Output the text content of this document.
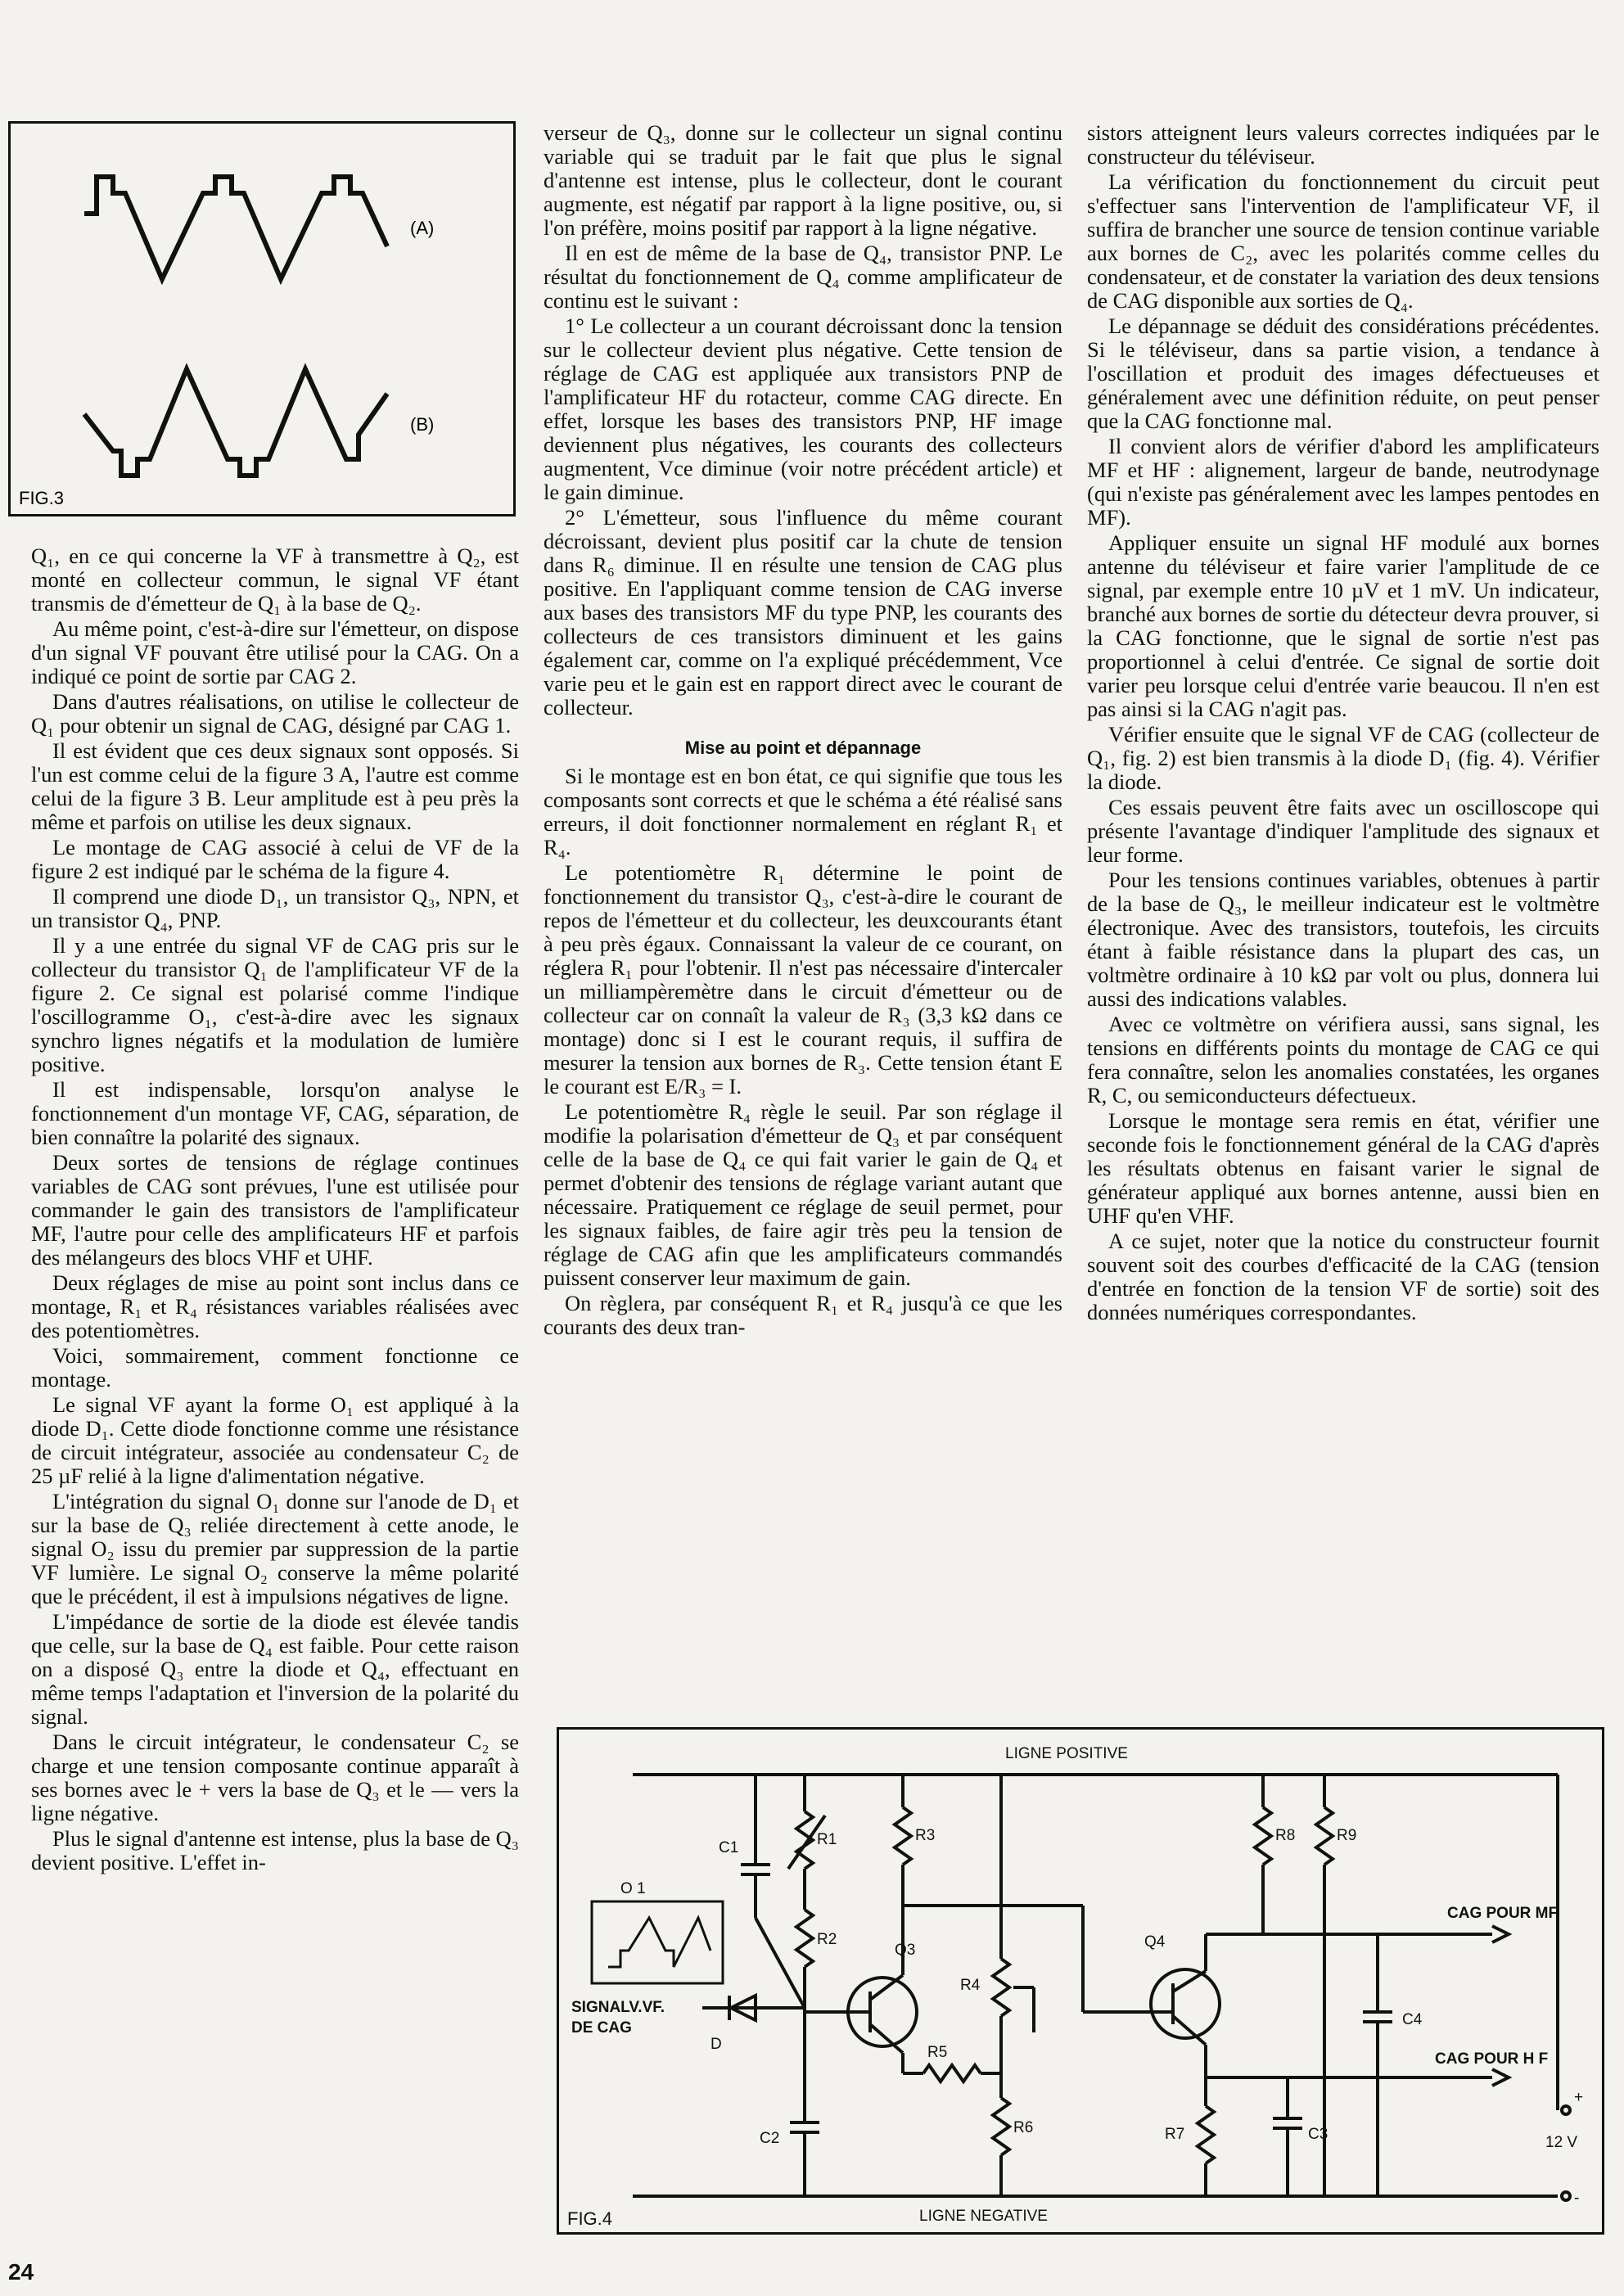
(A)
(B)
FIG.3

Q₁, en ce qui concerne la VF à transmettre à Q₂, est monté en collecteur commun, le signal VF étant transmis de d'émetteur de Q₁ à la base de Q₂.

Au même point, c'est-à-dire sur l'émetteur, on dispose d'un signal VF pouvant être utilisé pour la CAG. On a indiqué ce point de sortie par CAG 2.

Dans d'autres réalisations, on utilise le collecteur de Q₁ pour obtenir un signal de CAG, désigné par CAG 1.

Il est évident que ces deux signaux sont opposés. Si l'un est comme celui de la figure 3 A, l'autre est comme celui de la figure 3 B. Leur amplitude est à peu près la même et parfois on utilise les deux signaux.

Le montage de CAG associé à celui de VF de la figure 2 est indiqué par le schéma de la figure 4.

Il comprend une diode D₁, un transistor Q₃, NPN, et un transistor Q₄, PNP.

Il y a une entrée du signal VF de CAG pris sur le collecteur du transistor Q₁ de l'amplificateur VF de la figure 2. Ce signal est polarisé comme l'indique l'oscillogramme O₁, c'est-à-dire avec les signaux synchro lignes négatifs et la modulation de lumière positive.

Il est indispensable, lorsqu'on analyse le fonctionnement d'un montage VF, CAG, séparation, de bien connaître la polarité des signaux.

Deux sortes de tensions de réglage continues variables de CAG sont prévues, l'une est utilisée pour commander le gain des transistors de l'amplificateur MF, l'autre pour celle des amplificateurs HF et parfois des mélangeurs des blocs VHF et UHF.

Deux réglages de mise au point sont inclus dans ce montage, R₁ et R₄ résistances variables réalisées avec des potentiomètres.

Voici, sommairement, comment fonctionne ce montage.

Le signal VF ayant la forme O₁ est appliqué à la diode D₁. Cette diode fonctionne comme une résistance de circuit intégrateur, associée au condensateur C₂ de 25 µF relié à la ligne d'alimentation négative.

L'intégration du signal O₁ donne sur l'anode de D₁ et sur la base de Q₃ reliée directement à cette anode, le signal O₂ issu du premier par suppression de la partie VF lumière. Le signal O₂ conserve la même polarité que le précédent, il est à impulsions négatives de ligne.

L'impédance de sortie de la diode est élevée tandis que celle, sur la base de Q₄ est faible. Pour cette raison on a disposé Q₃ entre la diode et Q₄, effectuant en même temps l'adaptation et l'inversion de la polarité du signal.

Dans le circuit intégrateur, le condensateur C₂ se charge et une tension composante continue apparaît à ses bornes avec le + vers la base de Q₃ et le — vers la ligne négative.

Plus le signal d'antenne est intense, plus la base de Q₃ devient positive. L'effet in-

verseur de Q₃, donne sur le collecteur un signal continu variable qui se traduit par le fait que plus le signal d'antenne est intense, plus le collecteur, dont le courant augmente, est négatif par rapport à la ligne positive, ou, si l'on préfère, moins positif par rapport à la ligne négative.

Il en est de même de la base de Q₄, transistor PNP. Le résultat du fonctionnement de Q₄ comme amplificateur de continu est le suivant :

1° Le collecteur a un courant décroissant donc la tension sur le collecteur devient plus négative. Cette tension de réglage de CAG est appliquée aux transistors PNP de l'amplificateur HF du rotacteur, comme CAG directe. En effet, lorsque les bases des transistors PNP, HF image deviennent plus négatives, les courants des collecteurs augmentent, Vce diminue (voir notre précédent article) et le gain diminue.

2° L'émetteur, sous l'influence du même courant décroissant, devient plus positif car la chute de tension dans R₆ diminue. Il en résulte une tension de CAG plus positive. En l'appliquant comme tension de CAG inverse aux bases des transistors MF du type PNP, les courants des collecteurs de ces transistors diminuent et les gains également car, comme on l'a expliqué précédemment, Vce varie peu et le gain est en rapport direct avec le courant de collecteur.

Mise au point et dépannage

Si le montage est en bon état, ce qui signifie que tous les composants sont corrects et que le schéma a été réalisé sans erreurs, il doit fonctionner normalement en réglant R₁ et R₄.

Le potentiomètre R₁ détermine le point de fonctionnement du transistor Q₃, c'est-à-dire le courant de repos de l'émetteur et du collecteur, les deuxcourants étant à peu près égaux. Connaissant la valeur de ce courant, on réglera R₁ pour l'obtenir. Il n'est pas nécessaire d'intercaler un milliampèremètre dans le circuit d'émetteur ou de collecteur car on connaît la valeur de R₃ (3,3 kΩ dans ce montage) donc si I est le courant requis, il suffira de mesurer la tension aux bornes de R₃. Cette tension étant E le courant est E/R₃ = I.

Le potentiomètre R₄ règle le seuil. Par son réglage il modifie la polarisation d'émetteur de Q₃ et par conséquent celle de la base de Q₄ ce qui fait varier le gain de Q₄ et permet d'obtenir des tensions de réglage variant autant que nécessaire. Pratiquement ce réglage de seuil permet, pour les signaux faibles, de faire agir très peu la tension de réglage de CAG afin que les amplificateurs commandés puissent conserver leur maximum de gain.

On règlera, par conséquent R₁ et R₄ jusqu'à ce que les courants des deux tran-

sistors atteignent leurs valeurs correctes indiquées par le constructeur du téléviseur.

La vérification du fonctionnement du circuit peut s'effectuer sans l'intervention de l'amplificateur VF, il suffira de brancher une source de tension continue variable aux bornes de C₂, avec les polarités comme celles du condensateur, et de constater la variation des deux tensions de CAG disponible aux sorties de Q₄.

Le dépannage se déduit des considérations précédentes. Si le téléviseur, dans sa partie vision, a tendance à l'oscillation et produit des images défectueuses et généralement avec une définition réduite, on peut penser que la CAG fonctionne mal.

Il convient alors de vérifier d'abord les amplificateurs MF et HF : alignement, largeur de bande, neutrodynage (qui n'existe pas généralement avec les lampes pentodes en MF).

Appliquer ensuite un signal HF modulé aux bornes antenne du téléviseur et faire varier l'amplitude de ce signal, par exemple entre 10 µV et 1 mV. Un indicateur, branché aux bornes de sortie du détecteur devra prouver, si la CAG fonctionne, que le signal de sortie n'est pas proportionnel à celui d'entrée. Ce signal de sortie doit varier peu lorsque celui d'entrée varie beaucou. Il n'en est pas ainsi si la CAG n'agit pas.

Vérifier ensuite que le signal VF de CAG (collecteur de Q₁, fig. 2) est bien transmis à la diode D₁ (fig. 4). Vérifier la diode.

Ces essais peuvent être faits avec un oscilloscope qui présente l'avantage d'indiquer l'amplitude des signaux et leur forme.

Pour les tensions continues variables, obtenues à partir de la base de Q₃, le meilleur indicateur est le voltmètre électronique. Avec des transistors, toutefois, les circuits étant à faible résistance dans la plupart des cas, un voltmètre ordinaire à 10 kΩ par volt ou plus, donnera lui aussi des indications valables.

Avec ce voltmètre on vérifiera aussi, sans signal, les tensions en différents points du montage de CAG ce qui fera connaître, selon les anomalies constatées, les organes R, C, ou semiconducteurs défectueux.

Lorsque le montage sera remis en état, vérifier une seconde fois le fonctionnement général de la CAG d'après les résultats obtenus en faisant varier le signal de générateur appliqué aux bornes antenne, aussi bien en UHF qu'en VHF.

A ce sujet, noter que la notice du constructeur fournit souvent soit des courbes d'efficacité de la CAG (tension d'entrée en fonction de la tension VF de sortie) soit des données numériques correspondantes.

LIGNE POSITIVE
LIGNE NEGATIVE
O 1
SIGNALV.VF.
DE CAG
CAG POUR MF
CAG POUR H F
12 V
+
-
C1
C2	C3
C4
R1
R2
R3
R4
R5
R6	R7
R8	R9
Q3	Q4
D
FIG.4
24
